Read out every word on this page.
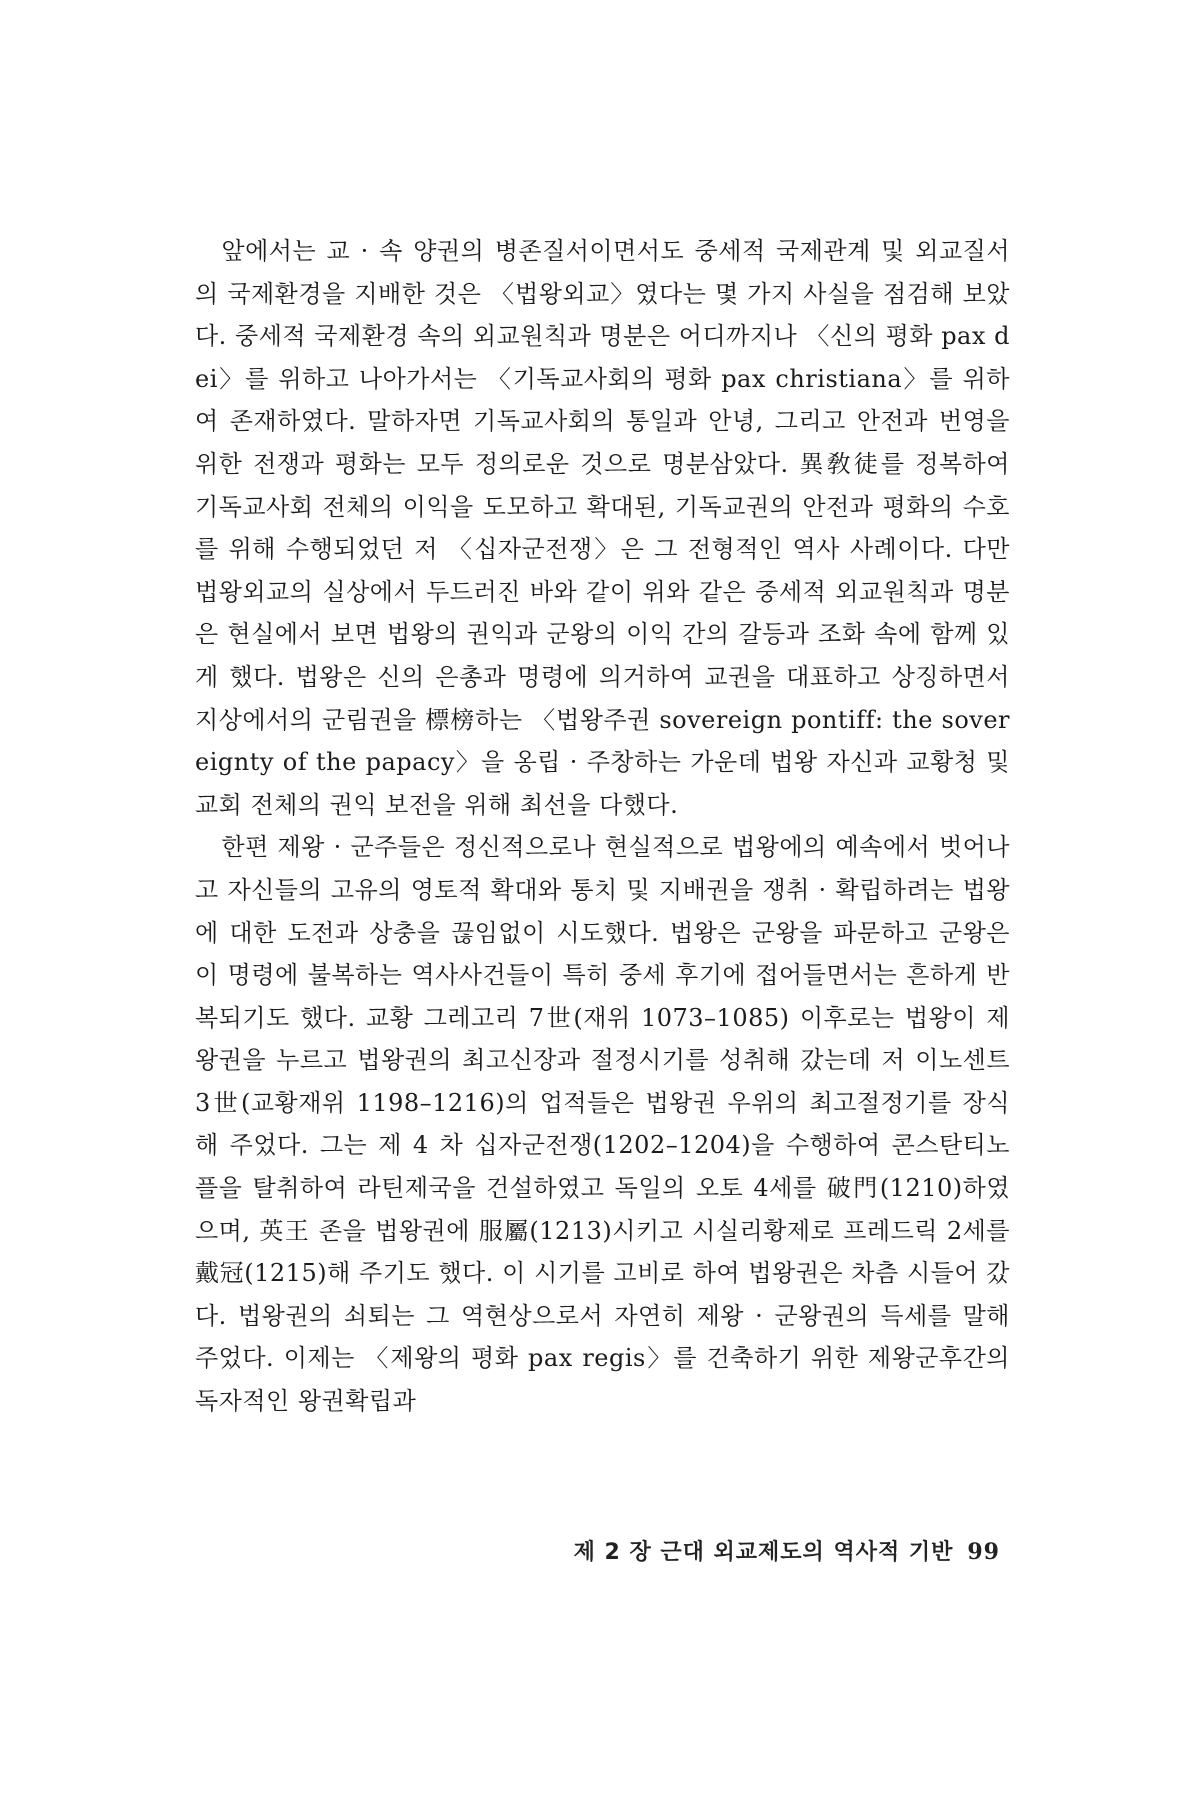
앞에서는 교 · 속 양권의 병존질서이면서도 중세적 국제관계 및 외교질서의 국제환경을 지배한 것은 〈법왕외교〉였다는 몇 가지 사실을 점검해 보았다. 중세적 국제환경 속의 외교원칙과 명분은 어디까지나 〈신의 평화 pax dei〉를 위하고 나아가서는 〈기독교사회의 평화 pax christiana〉를 위하여 존재하였다. 말하자면 기독교사회의 통일과 안녕, 그리고 안전과 번영을 위한 전쟁과 평화는 모두 정의로운 것으로 명분삼았다. 異敎徒를 정복하여 기독교사회 전체의 이익을 도모하고 확대된, 기독교권의 안전과 평화의 수호를 위해 수행되었던 저 〈십자군전쟁〉은 그 전형적인 역사 사례이다. 다만 법왕외교의 실상에서 두드러진 바와 같이 위와 같은 중세적 외교원칙과 명분은 현실에서 보면 법왕의 권익과 군왕의 이익 간의 갈등과 조화 속에 함께 있게 했다. 법왕은 신의 은총과 명령에 의거하여 교권을 대표하고 상징하면서 지상에서의 군림권을 標榜하는 〈법왕주권 sovereign pontiff: the sovereignty of the papacy〉을 옹립 · 주창하는 가운데 법왕 자신과 교황청 및 교회 전체의 권익 보전을 위해 최선을 다했다.

한편 제왕 · 군주들은 정신적으로나 현실적으로 법왕에의 예속에서 벗어나고 자신들의 고유의 영토적 확대와 통치 및 지배권을 쟁취 · 확립하려는 법왕에 대한 도전과 상충을 끊임없이 시도했다. 법왕은 군왕을 파문하고 군왕은 이 명령에 불복하는 역사사건들이 특히 중세 후기에 접어들면서는 흔하게 반복되기도 했다. 교황 그레고리 7世(재위 1073–1085) 이후로는 법왕이 제왕권을 누르고 법왕권의 최고신장과 절정시기를 성취해 갔는데 저 이노센트 3世(교황재위 1198–1216)의 업적들은 법왕권 우위의 최고절정기를 장식해 주었다. 그는 제 4 차 십자군전쟁(1202–1204)을 수행하여 콘스탄티노플을 탈취하여 라틴제국을 건설하였고 독일의 오토 4세를 破門(1210)하였으며, 英王 존을 법왕권에 服屬(1213)시키고 시실리황제로 프레드릭 2세를 戴冠(1215)해 주기도 했다. 이 시기를 고비로 하여 법왕권은 차츰 시들어 갔다. 법왕권의 쇠퇴는 그 역현상으로서 자연히 제왕 · 군왕권의 득세를 말해 주었다. 이제는 〈제왕의 평화 pax regis〉를 건축하기 위한 제왕군후간의 독자적인 왕권확립과

제 2 장 근대 외교제도의 역사적 기반 99
